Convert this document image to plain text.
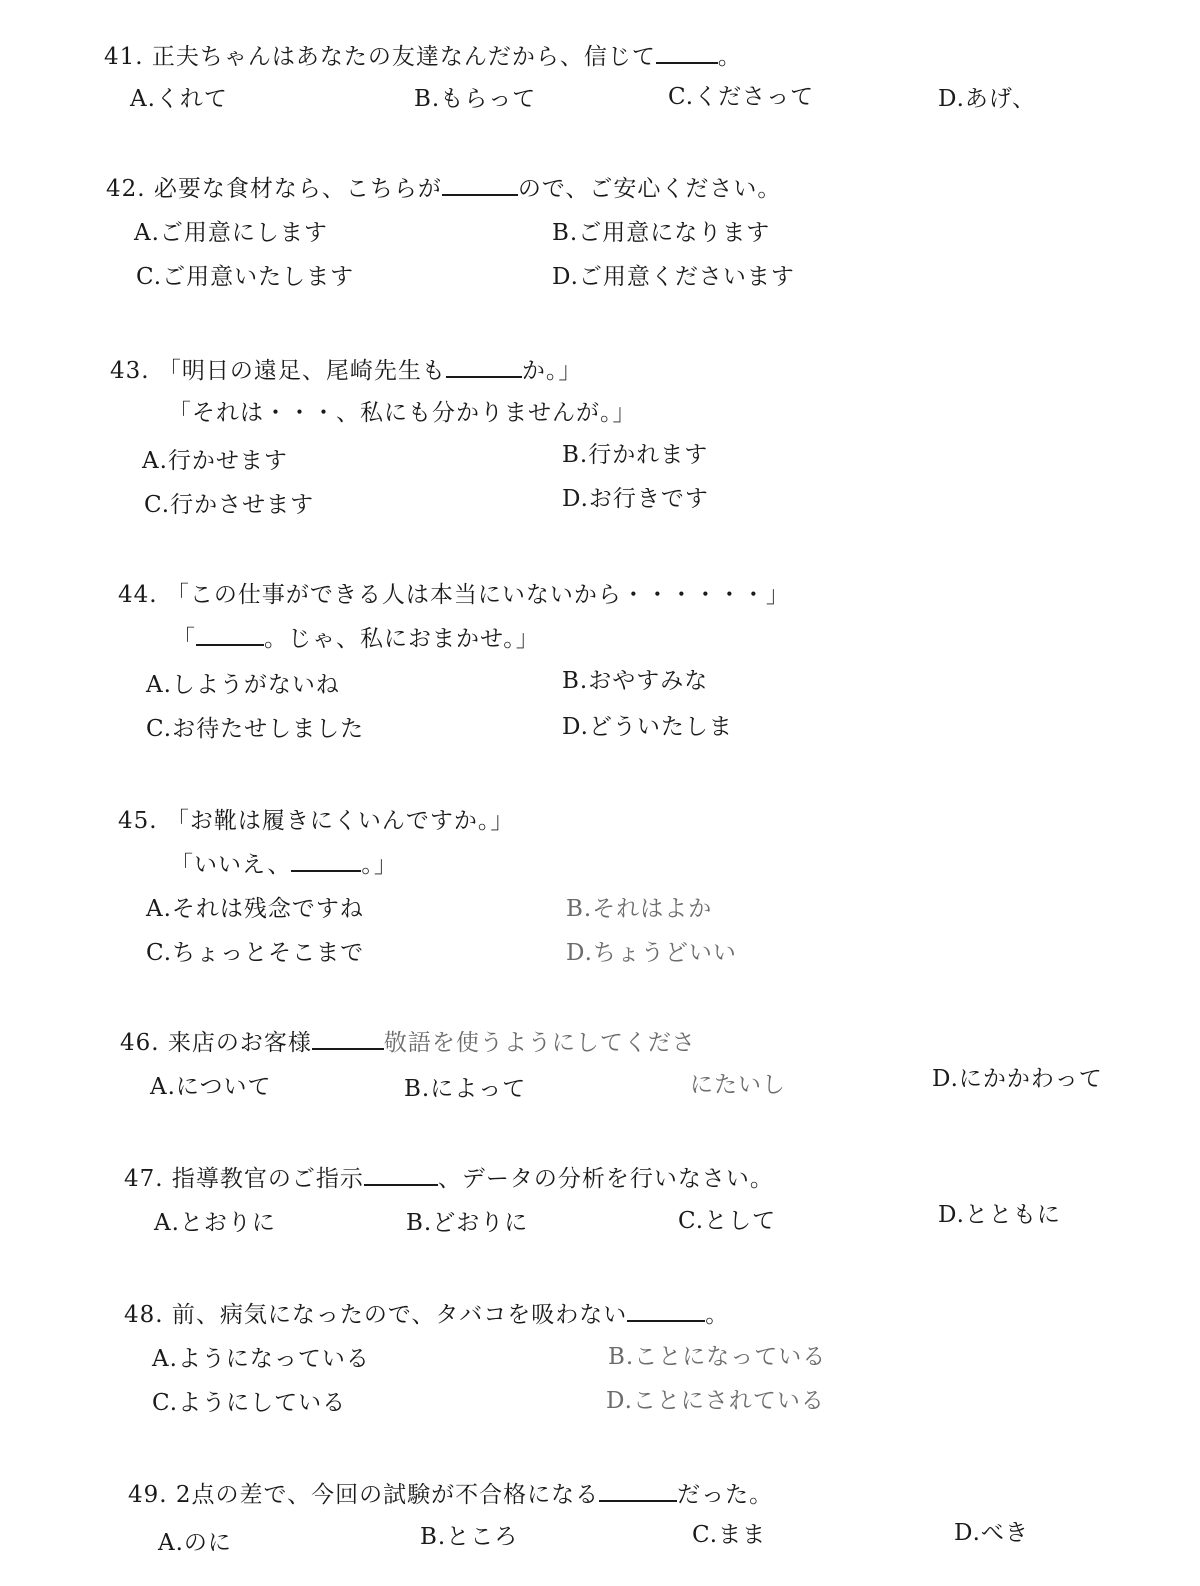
41. 正夫ちゃんはあなたの友達なんだから、信じて	。
A.くれて	B.もらって	C.くださって	D.あげ、
42. 必要な食材なら、こちらが	ので、ご安心ください。
A.ご用意にします	B.ご用意になります
C.ご用意いたします	D.ご用意くださいます
43. 「明日の遠足、尾崎先生も	か。」
「それは・・・、私にも分かりませんが。」
A.行かせます	B.行かれます
C.行かさせます	D.お行きです
44. 「この仕事ができる人は本当にいないから・・・・・・」
「	。じゃ、私におまかせ。」
A.しようがないね	B.おやすみな
C.お待たせしました	D.どういたしま
45. 「お靴は履きにくいんですか。」
「いいえ、	。」
A.それは残念ですね	B.それはよか
C.ちょっとそこまで	D.ちょうどいい
46. 来店のお客様	敬語を使うようにしてくださ
A.について	B.によって	にたいし	D.にかかわって
47. 指導教官のご指示	、データの分析を行いなさい。
A.とおりに	B.どおりに	C.として	D.とともに
48. 前、病気になったので、タバコを吸わない	。
A.ようになっている	B.ことになっている
C.ようにしている	D.ことにされている
49. 2点の差で、今回の試験が不合格になる	だった。
A.のに	B.ところ	C.まま	D.べき
